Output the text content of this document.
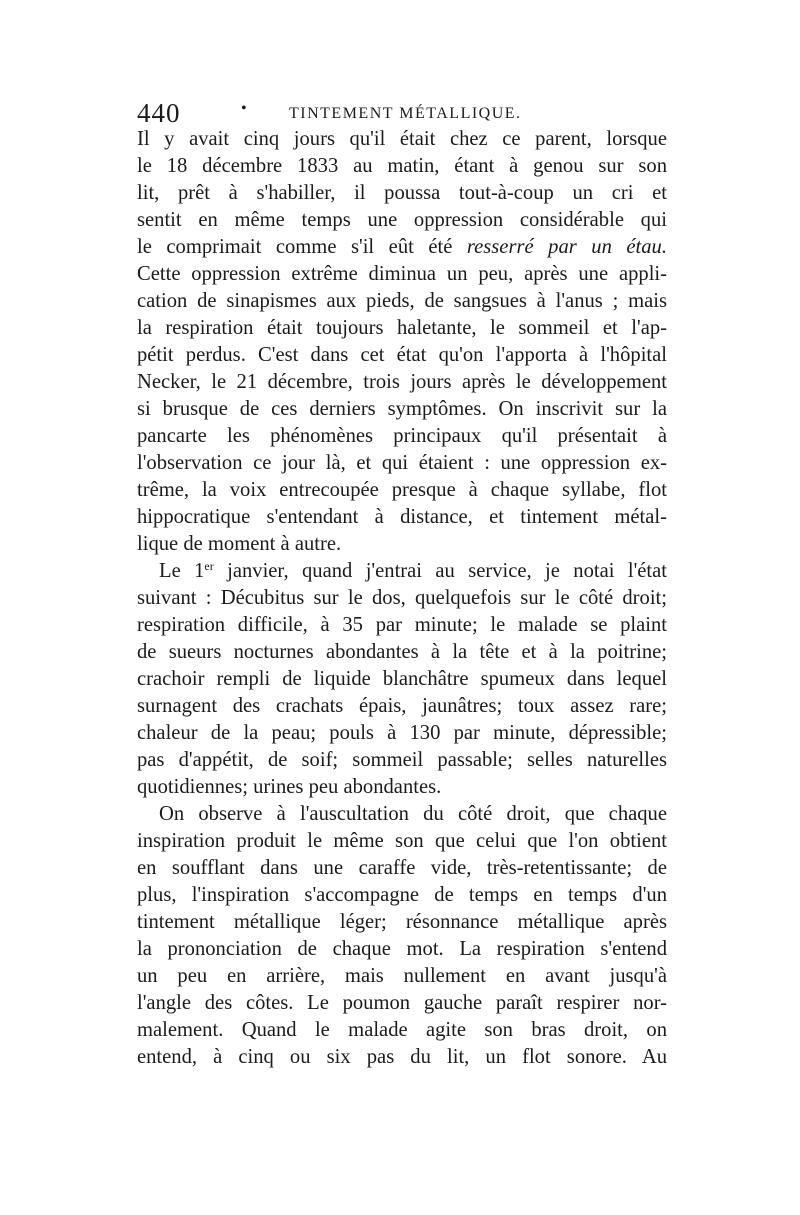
440	•	TINTEMENT MÉTALLIQUE.
Il y avait cinq jours qu'il était chez ce parent, lorsque
le 18 décembre 1833 au matin, étant à genou sur son
lit, prêt à s'habiller, il poussa tout-à-coup un cri et
sentit en même temps une oppression considérable qui
le comprimait comme s'il eût été resserré par un étau.
Cette oppression extrême diminua un peu, après une appli-
cation de sinapismes aux pieds, de sangsues à l'anus ; mais
la respiration était toujours haletante, le sommeil et l'ap-
pétit perdus. C'est dans cet état qu'on l'apporta à l'hôpital
Necker, le 21 décembre, trois jours après le développement
si brusque de ces derniers symptômes. On inscrivit sur la
pancarte les phénomènes principaux qu'il présentait à
l'observation ce jour là, et qui étaient : une oppression ex-
trême, la voix entrecoupée presque à chaque syllabe, flot
hippocratique s'entendant à distance, et tintement métal-
lique de moment à autre.
Le 1er janvier, quand j'entrai au service, je notai l'état
suivant : Décubitus sur le dos, quelquefois sur le côté droit;
respiration difficile, à 35 par minute; le malade se plaint
de sueurs nocturnes abondantes à la tête et à la poitrine;
crachoir rempli de liquide blanchâtre spumeux dans lequel
surnagent des crachats épais, jaunâtres; toux assez rare;
chaleur de la peau; pouls à 130 par minute, dépressible;
pas d'appétit, de soif; sommeil passable; selles naturelles
quotidiennes; urines peu abondantes.
On observe à l'auscultation du côté droit, que chaque
inspiration produit le même son que celui que l'on obtient
en soufflant dans une caraffe vide, très-retentissante; de
plus, l'inspiration s'accompagne de temps en temps d'un
tintement métallique léger; résonnance métallique après
la prononciation de chaque mot. La respiration s'entend
un peu en arrière, mais nullement en avant jusqu'à
l'angle des côtes. Le poumon gauche paraît respirer nor-
malement. Quand le malade agite son bras droit, on
entend, à cinq ou six pas du lit, un flot sonore. Au
